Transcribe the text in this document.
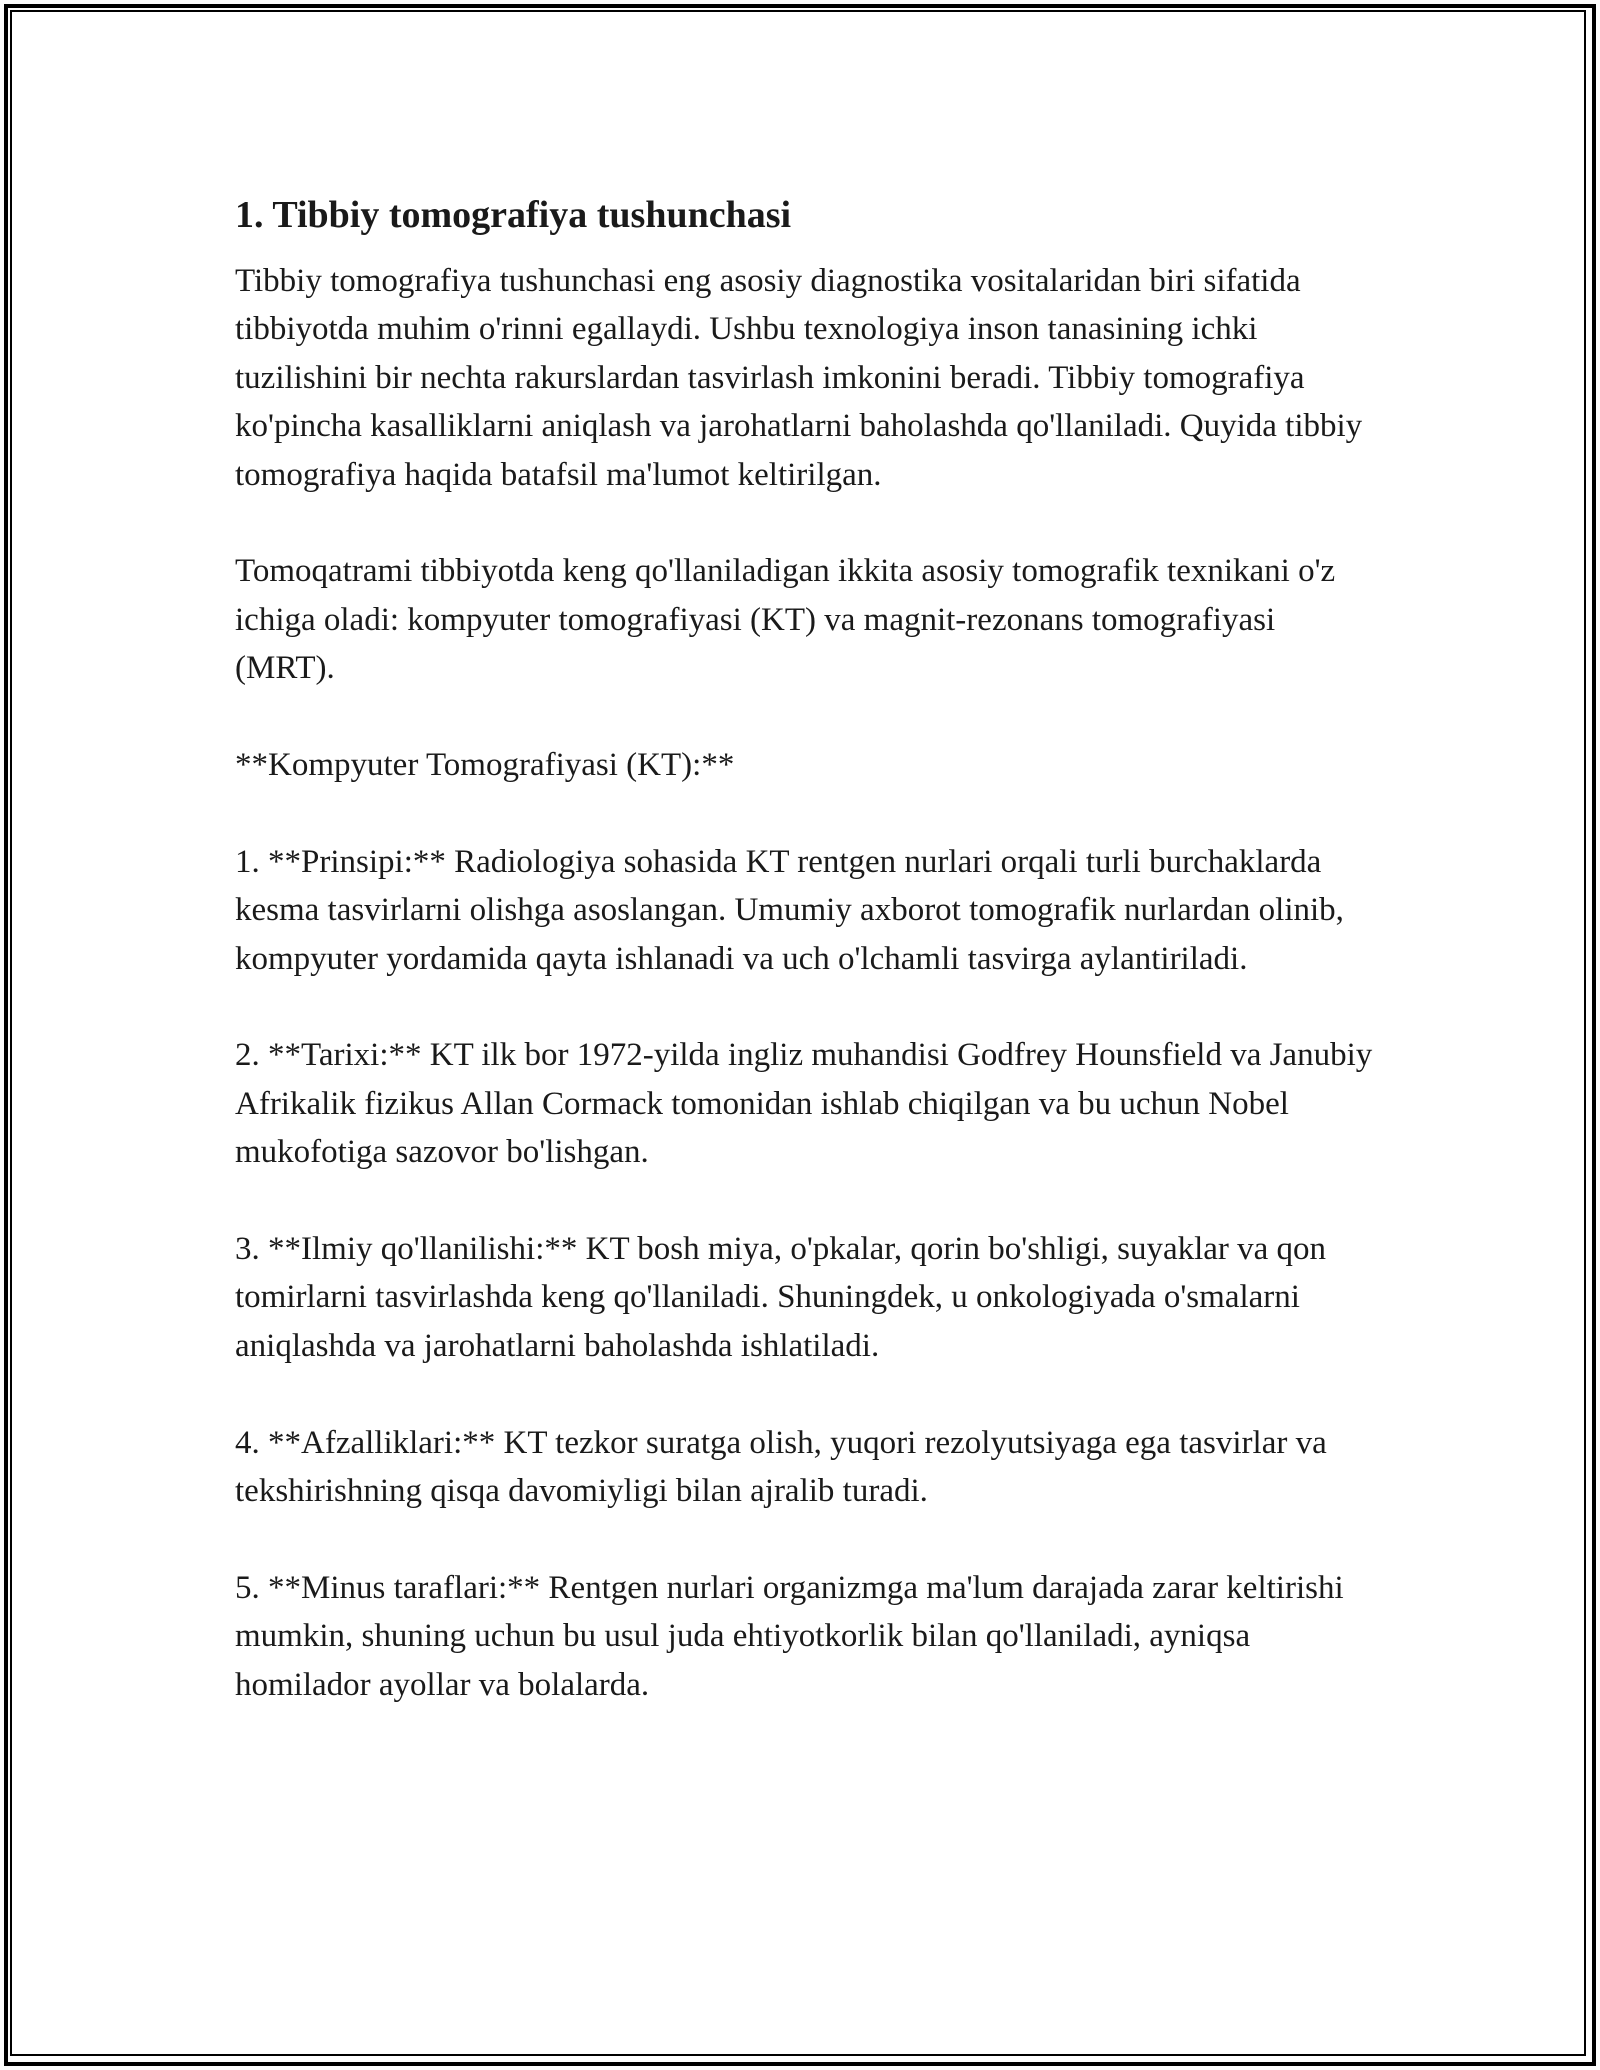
1. Tibbiy tomografiya tushunchasi

Tibbiy tomografiya tushunchasi eng asosiy diagnostika vositalaridan biri sifatida tibbiyotda muhim o'rinni egallaydi. Ushbu texnologiya inson tanasining ichki tuzilishini bir nechta rakurslardan tasvirlash imkonini beradi. Tibbiy tomografiya ko'pincha kasalliklarni aniqlash va jarohatlarni baholashda qo'llaniladi. Quyida tibbiy tomografiya haqida batafsil ma'lumot keltirilgan.

Tomoqatrami tibbiyotda keng qo'llaniladigan ikkita asosiy tomografik texnikani o'z ichiga oladi: kompyuter tomografiyasi (KT) va magnit-rezonans tomografiyasi (MRT).

**Kompyuter Tomografiyasi (KT):**

1. **Prinsipi:** Radiologiya sohasida KT rentgen nurlari orqali turli burchaklarda kesma tasvirlarni olishga asoslangan. Umumiy axborot tomografik nurlardan olinib, kompyuter yordamida qayta ishlanadi va uch o'lchamli tasvirga aylantiriladi.

2. **Tarixi:** KT ilk bor 1972-yilda ingliz muhandisi Godfrey Hounsfield va Janubiy Afrikalik fizikus Allan Cormack tomonidan ishlab chiqilgan va bu uchun Nobel mukofotiga sazovor bo'lishgan.

3. **Ilmiy qo'llanilishi:** KT bosh miya, o'pkalar, qorin bo'shligi, suyaklar va qon tomirlarni tasvirlashda keng qo'llaniladi. Shuningdek, u onkologiyada o'smalarni aniqlashda va jarohatlarni baholashda ishlatiladi.

4. **Afzalliklari:** KT tezkor suratga olish, yuqori rezolyutsiyaga ega tasvirlar va tekshirishning qisqa davomiyligi bilan ajralib turadi.

5. **Minus taraflari:** Rentgen nurlari organizmga ma'lum darajada zarar keltirishi mumkin, shuning uchun bu usul juda ehtiyotkorlik bilan qo'llaniladi, ayniqsa homilador ayollar va bolalarda.
